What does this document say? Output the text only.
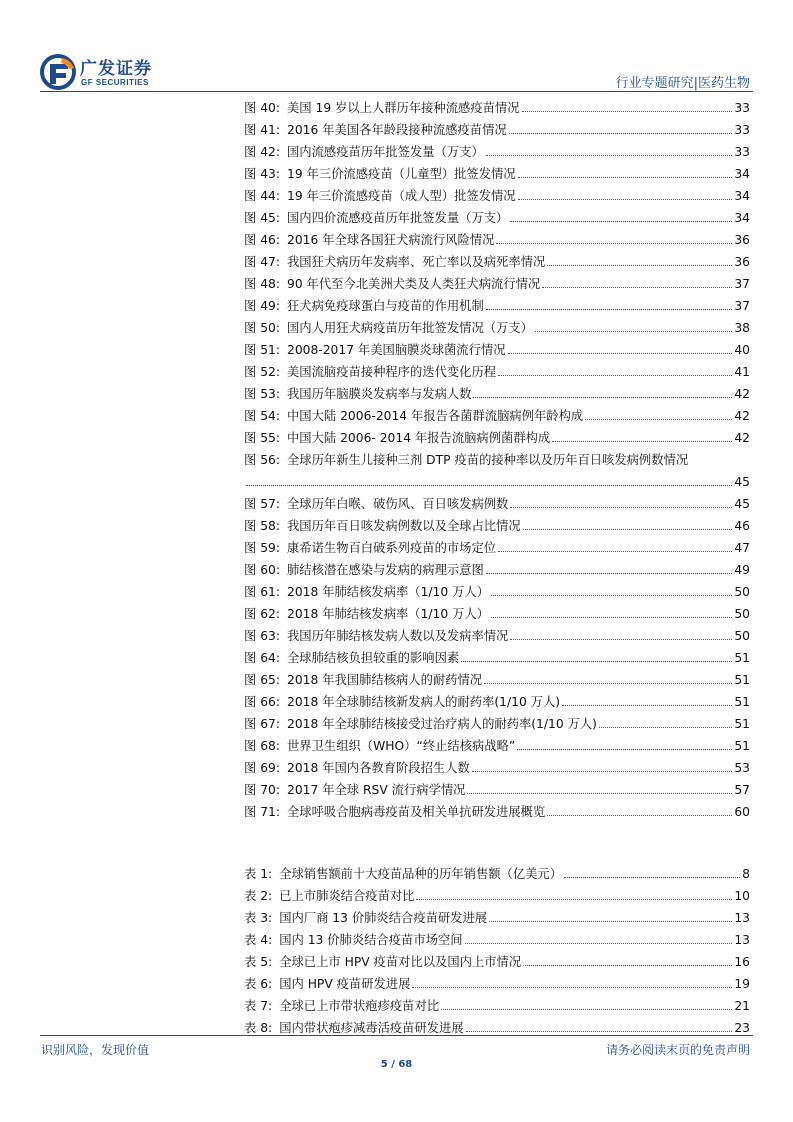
广发证券
GF SECURITIES	行业专题研究|医药生物
图 40: 美国 19 岁以上人群历年接种流感疫苗情况	33
图 41: 2016 年美国各年龄段接种流感疫苗情况	33
图 42: 国内流感疫苗历年批签发量（万支）	33
图 43: 19 年三价流感疫苗（儿童型）批签发情况	34
图 44: 19 年三价流感疫苗（成人型）批签发情况	34
图 45: 国内四价流感疫苗历年批签发量（万支）	34
图 46: 2016 年全球各国狂犬病流行风险情况	36
图 47: 我国狂犬病历年发病率、死亡率以及病死率情况	36
图 48: 90 年代至今北美洲犬类及人类狂犬病流行情况	37
图 49: 狂犬病免疫球蛋白与疫苗的作用机制	37
图 50: 国内人用狂犬病疫苗历年批签发情况（万支）	38
图 51: 2008-2017 年美国脑膜炎球菌流行情况	40
图 52: 美国流脑疫苗接种程序的迭代变化历程	41
图 53: 我国历年脑膜炎发病率与发病人数	42
图 54: 中国大陆 2006-2014 年报告各菌群流脑病例年龄构成	42
图 55: 中国大陆 2006- 2014 年报告流脑病例菌群构成	42
图 56: 全球历年新生儿接种三剂 DTP 疫苗的接种率以及历年百日咳发病例数情况
45
图 57: 全球历年白喉、破伤风、百日咳发病例数	45
图 58: 我国历年百日咳发病例数以及全球占比情况	46
图 59: 康希诺生物百白破系列疫苗的市场定位	47
图 60: 肺结核潜在感染与发病的病理示意图	49
图 61: 2018 年肺结核发病率（1/10 万人）	50
图 62: 2018 年肺结核发病率（1/10 万人）	50
图 63: 我国历年肺结核发病人数以及发病率情况	50
图 64: 全球肺结核负担较重的影响因素	51
图 65: 2018 年我国肺结核病人的耐药情况	51
图 66: 2018 年全球肺结核新发病人的耐药率(1/10 万人)	51
图 67: 2018 年全球肺结核接受过治疗病人的耐药率(1/10 万人)	51
图 68: 世界卫生组织（WHO）“终止结核病战略”	51
图 69: 2018 年国内各教育阶段招生人数	53
图 70: 2017 年全球 RSV 流行病学情况	57
图 71: 全球呼吸合胞病毒疫苗及相关单抗研发进展概览	60
表 1: 全球销售额前十大疫苗品种的历年销售额（亿美元）	8
表 2: 已上市肺炎结合疫苗对比	10
表 3: 国内厂商 13 价肺炎结合疫苗研发进展	13
表 4: 国内 13 价肺炎结合疫苗市场空间	13
表 5: 全球已上市 HPV 疫苗对比以及国内上市情况	16
表 6: 国内 HPV 疫苗研发进展	19
表 7: 全球已上市带状疱疹疫苗对比	21
表 8: 国内带状疱疹减毒活疫苗研发进展	23
识别风险，发现价值	请务必阅读末页的免责声明
5 / 68
